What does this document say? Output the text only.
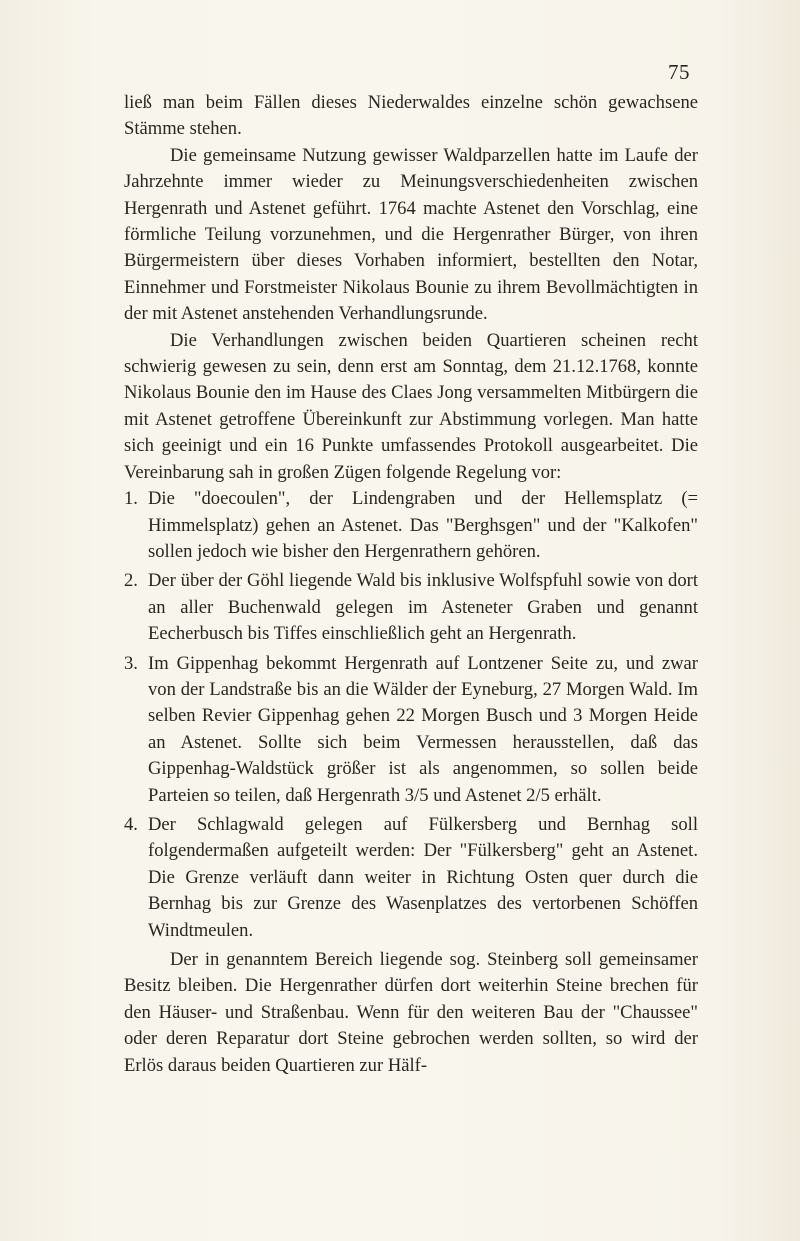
75

ließ man beim Fällen dieses Niederwaldes einzelne schön gewachsene Stämme stehen.

Die gemeinsame Nutzung gewisser Waldparzellen hatte im Laufe der Jahrzehnte immer wieder zu Meinungsverschiedenheiten zwischen Hergenrath und Astenet geführt. 1764 machte Astenet den Vorschlag, eine förmliche Teilung vorzunehmen, und die Hergenrather Bürger, von ihren Bürgermeistern über dieses Vorhaben informiert, bestellten den Notar, Einnehmer und Forstmeister Nikolaus Bounie zu ihrem Bevollmächtigten in der mit Astenet anstehenden Verhandlungsrunde.

Die Verhandlungen zwischen beiden Quartieren scheinen recht schwierig gewesen zu sein, denn erst am Sonntag, dem 21.12.1768, konnte Nikolaus Bounie den im Hause des Claes Jong versammelten Mitbürgern die mit Astenet getroffene Übereinkunft zur Abstimmung vorlegen. Man hatte sich geeinigt und ein 16 Punkte umfassendes Protokoll ausgearbeitet. Die Vereinbarung sah in großen Zügen folgende Regelung vor:

1. Die "doecoulen", der Lindengraben und der Hellemsplatz (= Himmelsplatz) gehen an Astenet. Das "Berghsgen" und der "Kalkofen" sollen jedoch wie bisher den Hergenrathern gehören.
2. Der über der Göhl liegende Wald bis inklusive Wolfspfuhl sowie von dort an aller Buchenwald gelegen im Asteneter Graben und genannt Eecherbusch bis Tiffes einschließlich geht an Hergenrath.
3. Im Gippenhag bekommt Hergenrath auf Lontzener Seite zu, und zwar von der Landstraße bis an die Wälder der Eyneburg, 27 Morgen Wald. Im selben Revier Gippenhag gehen 22 Morgen Busch und 3 Morgen Heide an Astenet. Sollte sich beim Vermessen herausstellen, daß das Gippenhag-Waldstück größer ist als angenommen, so sollen beide Parteien so teilen, daß Hergenrath 3/5 und Astenet 2/5 erhält.
4. Der Schlagwald gelegen auf Fülkersberg und Bernhag soll folgendermaßen aufgeteilt werden: Der "Fülkersberg" geht an Astenet. Die Grenze verläuft dann weiter in Richtung Osten quer durch die Bernhag bis zur Grenze des Wasenplatzes des vertorbenen Schöffen Windtmeulen.

Der in genanntem Bereich liegende sog. Steinberg soll gemeinsamer Besitz bleiben. Die Hergenrather dürfen dort weiterhin Steine brechen für den Häuser- und Straßenbau. Wenn für den weiteren Bau der "Chaussee" oder deren Reparatur dort Steine gebrochen werden sollten, so wird der Erlös daraus beiden Quartieren zur Hälf-
